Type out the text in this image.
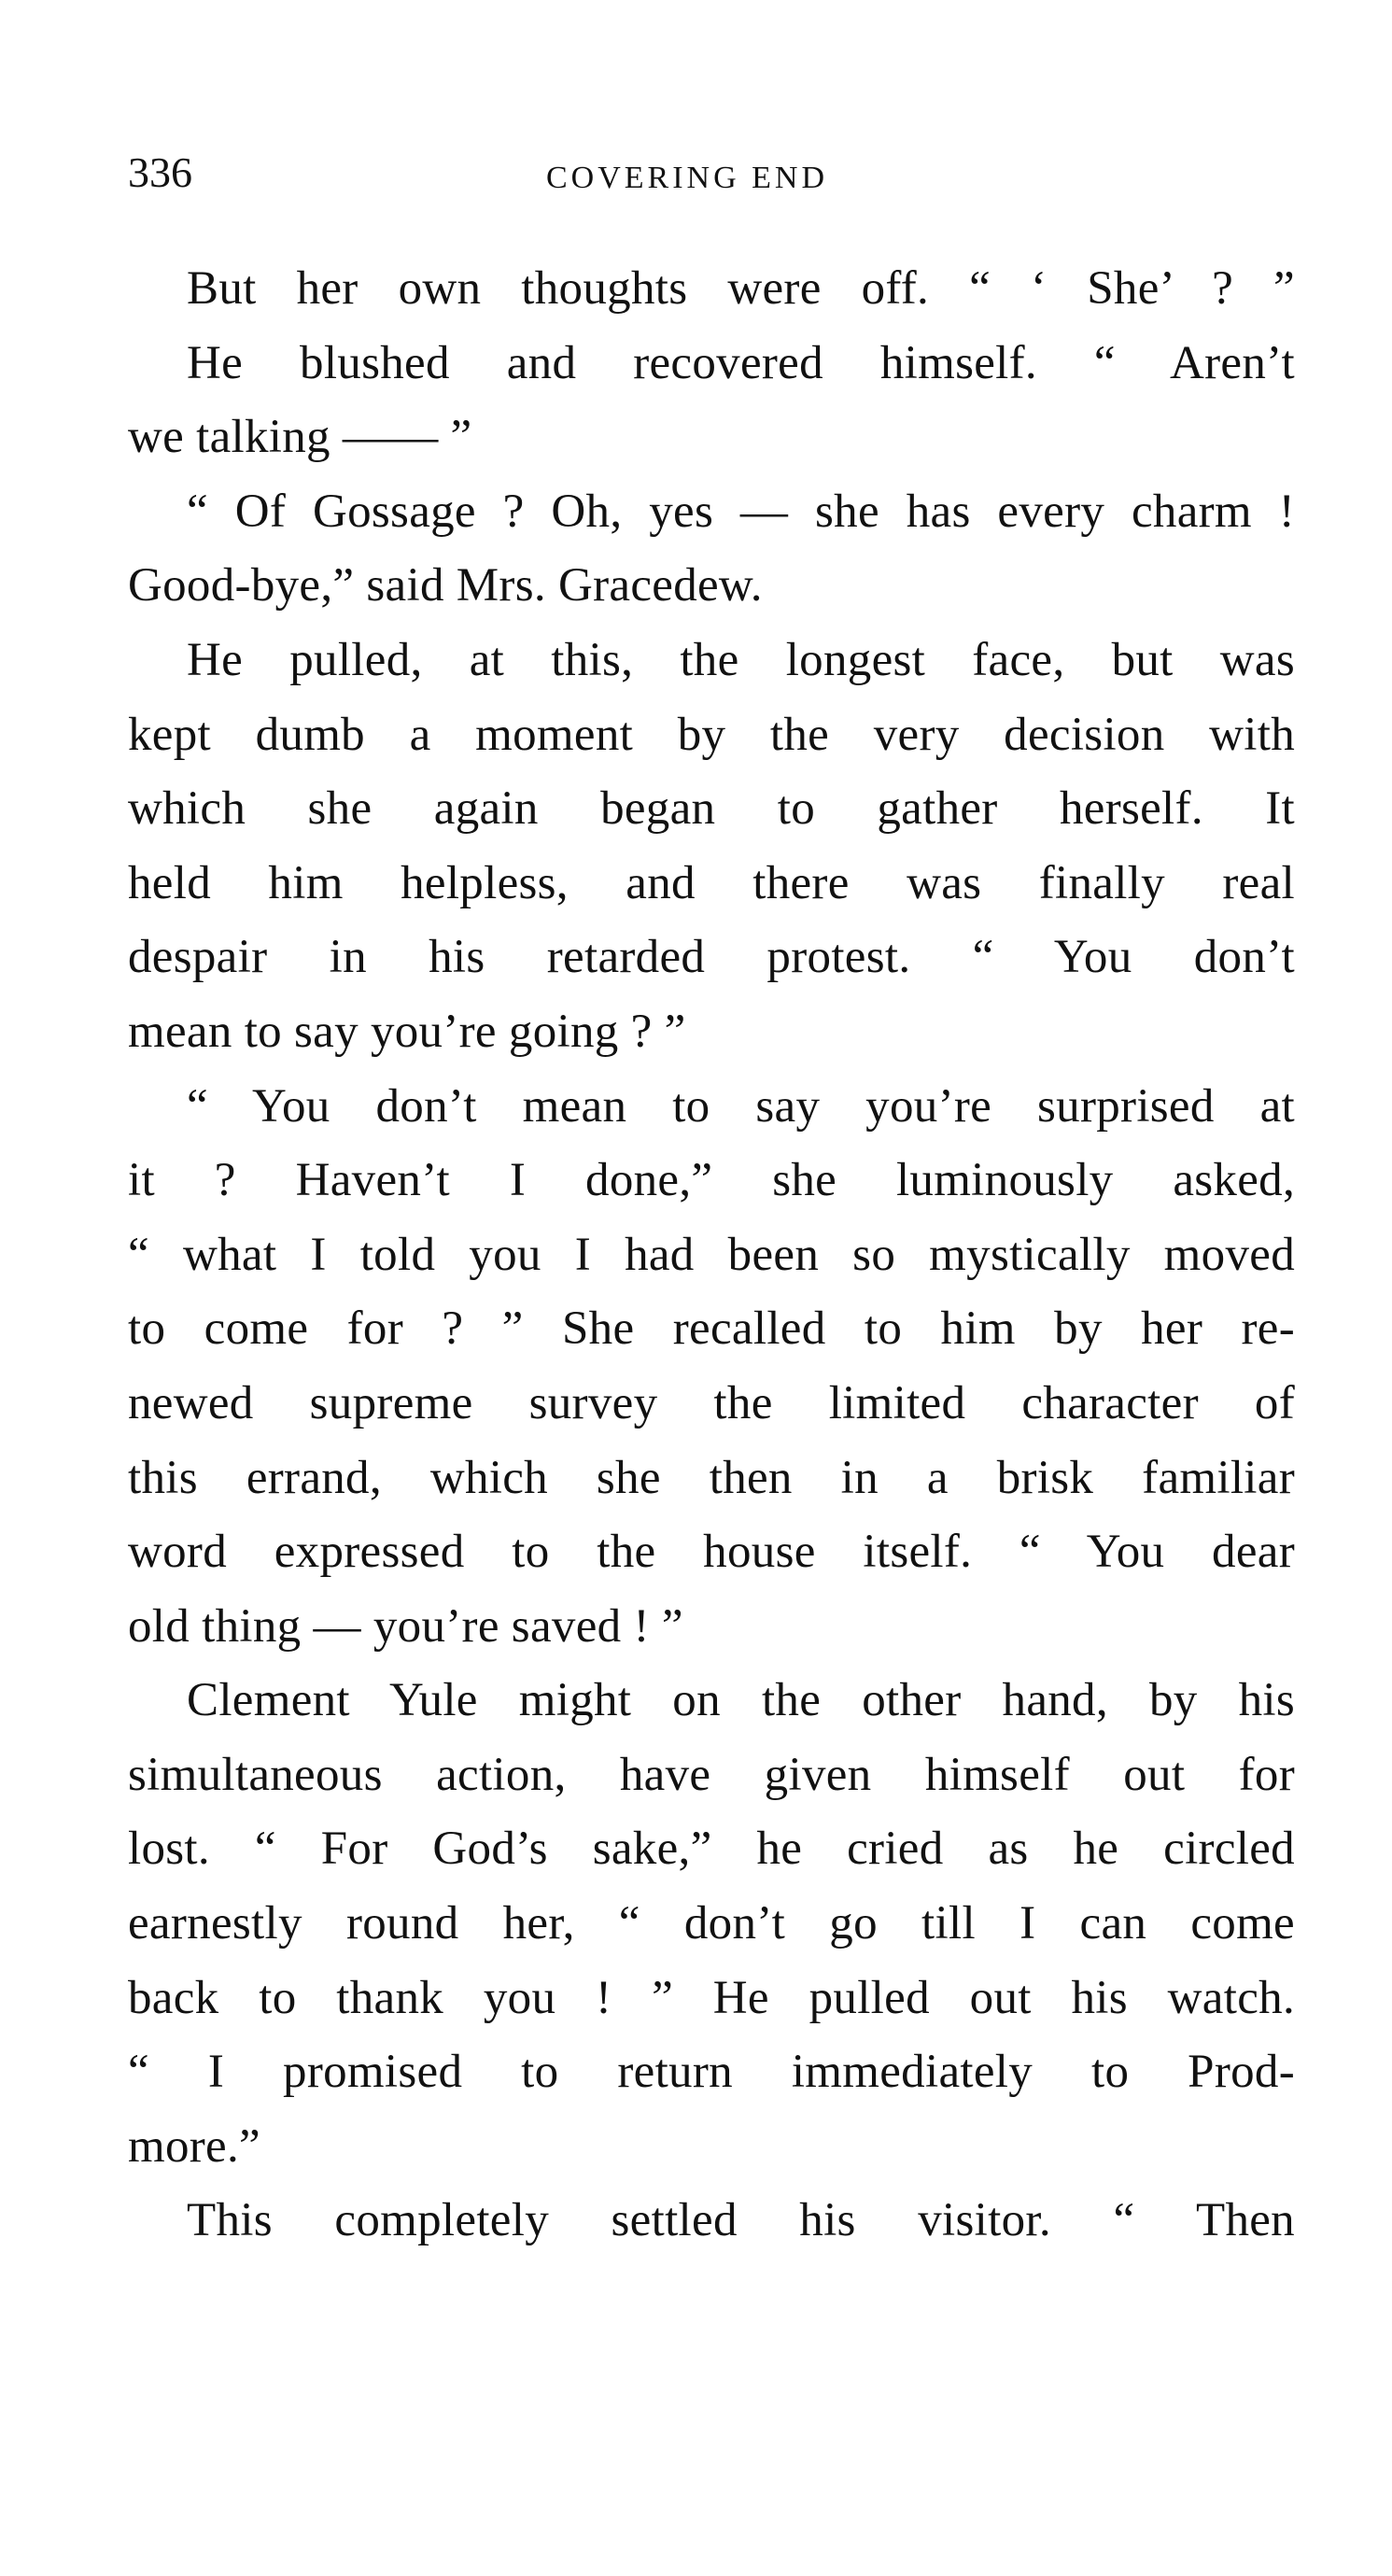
336	COVERING END
But her own thoughts were off. “ ‘ She’ ? ”
He blushed and recovered himself. “ Aren’t
we talking —— ”
“ Of Gossage ? Oh, yes — she has every charm !
Good-bye,” said Mrs. Gracedew.
He pulled, at this, the longest face, but was
kept dumb a moment by the very decision with
which she again began to gather herself. It
held him helpless, and there was finally real
despair in his retarded protest. “ You don’t
mean to say you’re going ? ”
“ You don’t mean to say you’re surprised at
it ? Haven’t I done,” she luminously asked,
“ what I told you I had been so mystically moved
to come for ? ” She recalled to him by her re-
newed supreme survey the limited character of
this errand, which she then in a brisk familiar
word expressed to the house itself. “ You dear
old thing — you’re saved ! ”
Clement Yule might on the other hand, by his
simultaneous action, have given himself out for
lost. “ For God’s sake,” he cried as he circled
earnestly round her, “ don’t go till I can come
back to thank you ! ” He pulled out his watch.
“ I promised to return immediately to Prod-
more.”
This completely settled his visitor. “ Then
